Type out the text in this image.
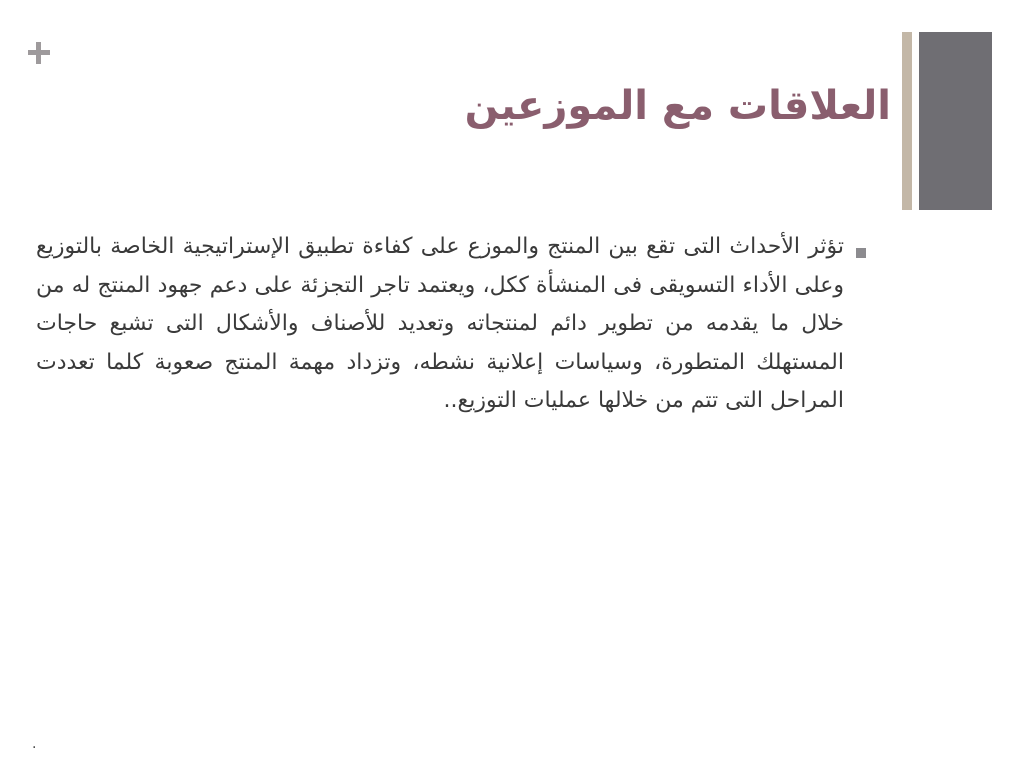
العلاقات مع الموزعين

تؤثر الأحداث التى تقع بين المنتج والموزع على كفاءة تطبيق الإستراتيجية الخاصة بالتوزيع وعلى الأداء التسويقى فى المنشأة ككل، ويعتمد تاجر التجزئة على دعم جهود المنتج له من خلال ما يقدمه من تطوير دائم لمنتجاته وتعديد للأصناف والأشكال التى تشبع حاجات المستهلك المتطورة، وسياسات إعلانية نشطه، وتزداد مهمة المنتج صعوبة كلما تعددت المراحل التى تتم من خلالها عمليات التوزيع..

.
